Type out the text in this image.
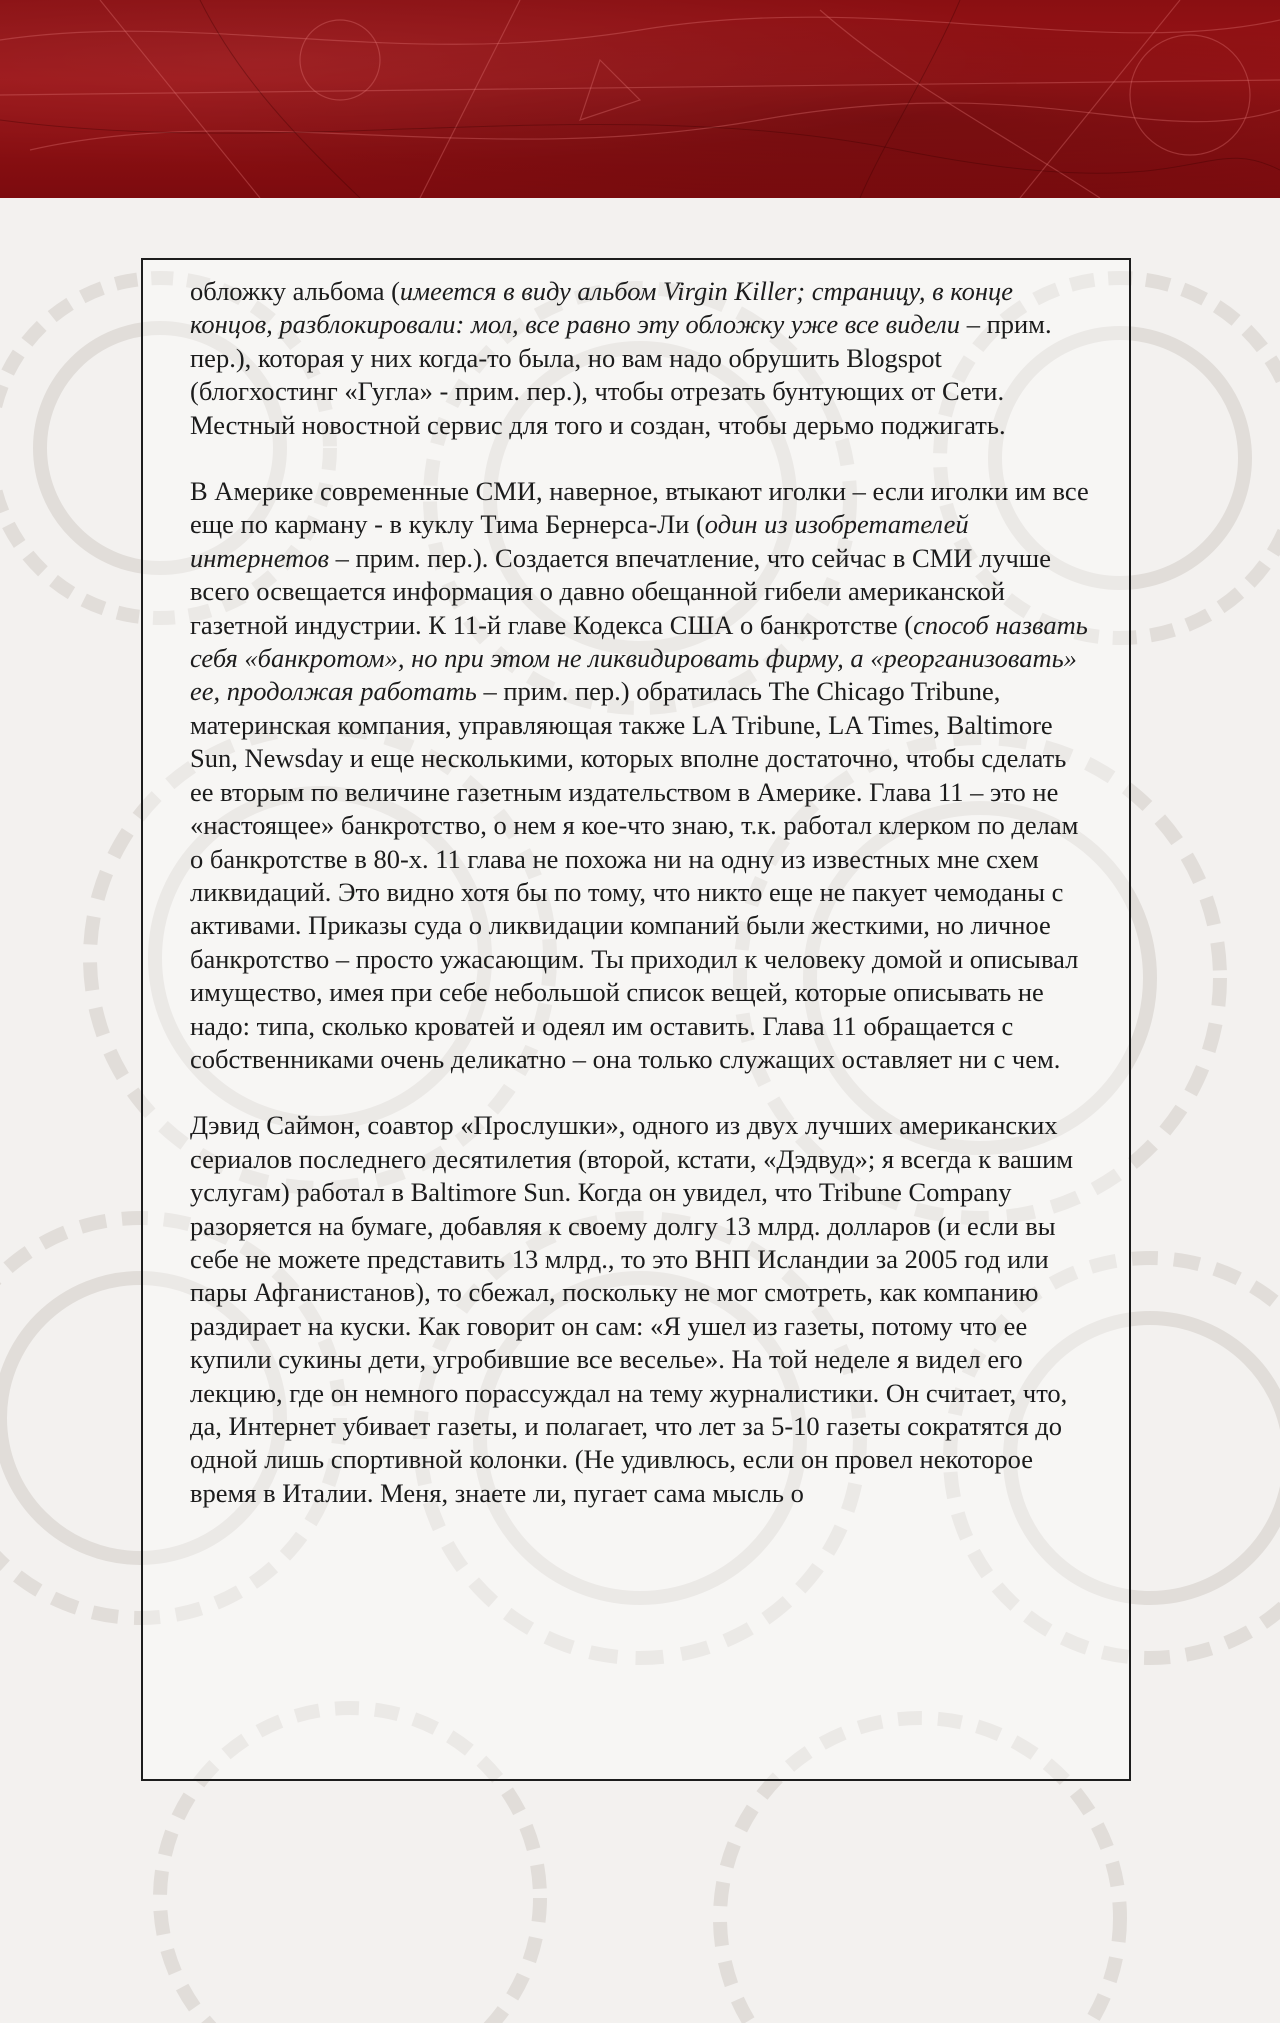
обложку альбома (имеется в виду альбом Virgin Killer; страницу, в концe концов, разблокировали: мол, все равно эту обложку уже все видели – прим. пер.), которая у них когда-то была, но вам надо обрушить Blogspot (блогхостинг «Гугла» - прим. пер.), чтобы отрезать бунтующих от Сети. Местный новостной сервис для того и создан, чтобы дерьмо поджигать.

В Америке современные СМИ, наверное, втыкают иголки – если иголки им все еще по карману - в куклу Тима Бернерса-Ли (один из изобретателей интернетов – прим. пер.). Создается впечатление, что сейчас в СМИ лучше всего освещается информация о давно обещанной гибели американской газетной индустрии. К 11-й главе Кодекса США о банкротстве (способ назвать себя «банкротом», но при этом не ликвидировать фирму, а «реорганизовать» ее, продолжая работать – прим. пер.) обратилась The Chicago Tribune, материнская компания, управляющая также LA Tribune, LA Times, Baltimore Sun, Newsday и еще несколькими, которых вполне достаточно, чтобы сделать ее вторым по величине газетным издательством в Америке. Глава 11 – это не «настоящее» банкротство, о нем я кое-что знаю, т.к. работал клерком по делам о банкротстве в 80-х. 11 глава не похожа ни на одну из известных мне схем ликвидаций. Это видно хотя бы по тому, что никто еще не пакует чемоданы с активами. Приказы суда о ликвидации компаний были жесткими, но личное банкротство – просто ужасающим. Ты приходил к человеку домой и описывал имущество, имея при себе небольшой список вещей, которые описывать не надо: типа, сколько кроватей и одеял им оставить. Глава 11 обращается с собственниками очень деликатно – она только служащих оставляет ни с чем.

Дэвид Саймон, соавтор «Прослушки», одного из двух лучших американских сериалов последнего десятилетия (второй, кстати, «Дэдвуд»; я всегда к вашим услугам) работал в Baltimore Sun. Когда он увидел, что Tribune Company разоряется на бумаге, добавляя к своему долгу 13 млрд. долларов (и если вы себе не можете представить 13 млрд., то это ВНП Исландии за 2005 год или пары Афганистанов), то сбежал, поскольку не мог смотреть, как компанию раздирает на куски. Как говорит он сам: «Я ушел из газеты, потому что ее купили сукины дети, угробившие все веселье». На той неделе я видел его лекцию, где он немного порассуждал на тему журналистики. Он считает, что, да, Интернет убивает газеты, и полагает, что лет за 5-10 газеты сократятся до одной лишь спортивной колонки. (Не удивлюсь, если он провел некоторое время в Италии. Меня, знаете ли, пугает сама мысль о
